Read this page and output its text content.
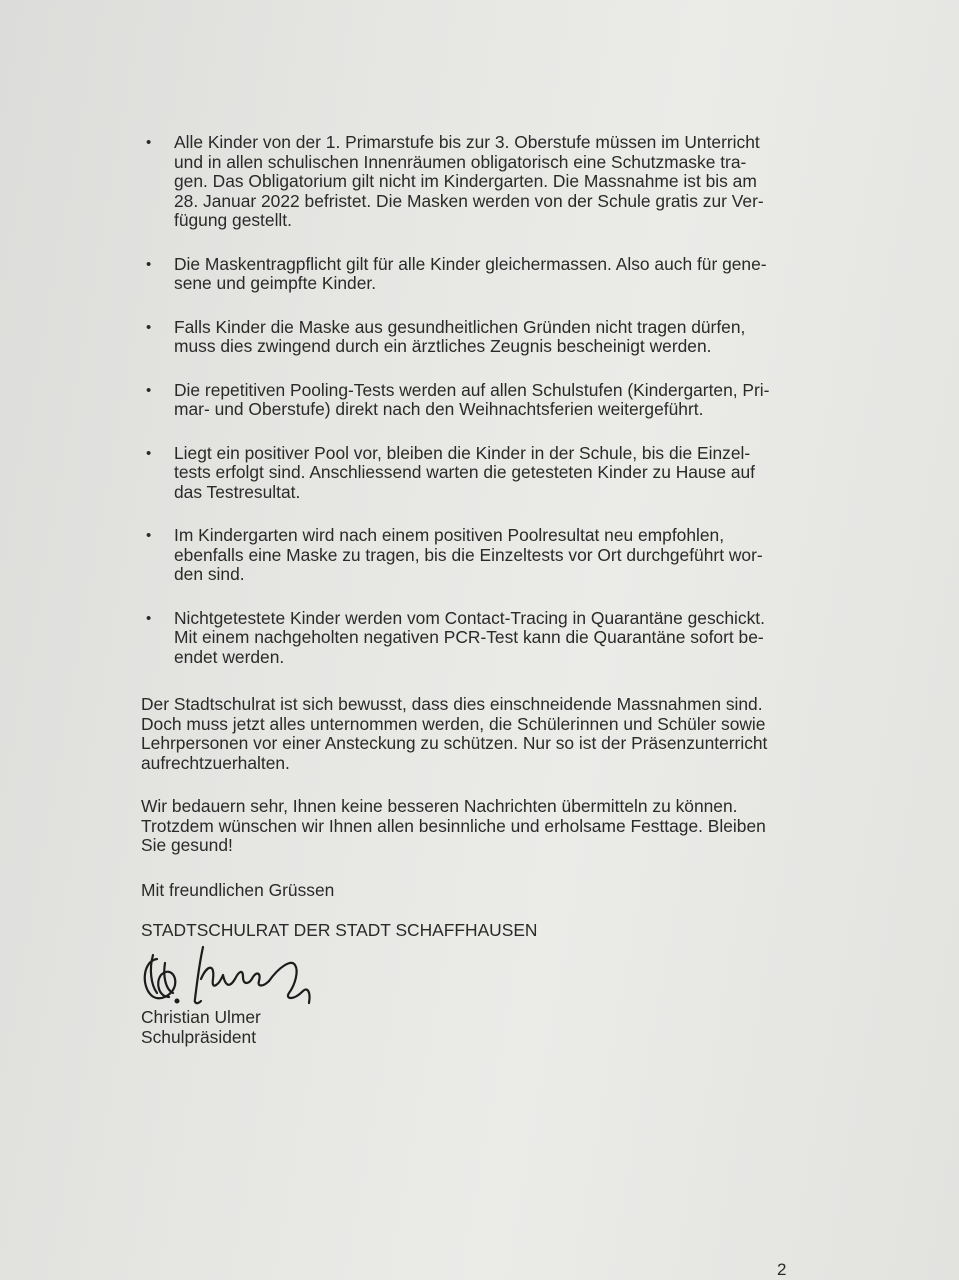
• Alle Kinder von der 1. Primarstufe bis zur 3. Oberstufe müssen im Unterricht
und in allen schulischen Innenräumen obligatorisch eine Schutzmaske tra-
gen. Das Obligatorium gilt nicht im Kindergarten. Die Massnahme ist bis am
28. Januar 2022 befristet. Die Masken werden von der Schule gratis zur Ver-
fügung gestellt.
• Die Maskentragpflicht gilt für alle Kinder gleichermassen. Also auch für gene-
sene und geimpfte Kinder.
• Falls Kinder die Maske aus gesundheitlichen Gründen nicht tragen dürfen,
muss dies zwingend durch ein ärztliches Zeugnis bescheinigt werden.
• Die repetitiven Pooling-Tests werden auf allen Schulstufen (Kindergarten, Pri-
mar- und Oberstufe) direkt nach den Weihnachtsferien weitergeführt.
• Liegt ein positiver Pool vor, bleiben die Kinder in der Schule, bis die Einzel-
tests erfolgt sind. Anschliessend warten die getesteten Kinder zu Hause auf
das Testresultat.
• Im Kindergarten wird nach einem positiven Poolresultat neu empfohlen,
ebenfalls eine Maske zu tragen, bis die Einzeltests vor Ort durchgeführt wor-
den sind.
• Nichtgetestete Kinder werden vom Contact-Tracing in Quarantäne geschickt.
Mit einem nachgeholten negativen PCR-Test kann die Quarantäne sofort be-
endet werden.

Der Stadtschulrat ist sich bewusst, dass dies einschneidende Massnahmen sind.
Doch muss jetzt alles unternommen werden, die Schülerinnen und Schüler sowie
Lehrpersonen vor einer Ansteckung zu schützen. Nur so ist der Präsenzunterricht
aufrechtzuerhalten.

Wir bedauern sehr, Ihnen keine besseren Nachrichten übermitteln zu können.
Trotzdem wünschen wir Ihnen allen besinnliche und erholsame Festtage. Bleiben
Sie gesund!

Mit freundlichen Grüssen

STADTSCHULRAT DER STADT SCHAFFHAUSEN

Christian Ulmer
Schulpräsident

2
